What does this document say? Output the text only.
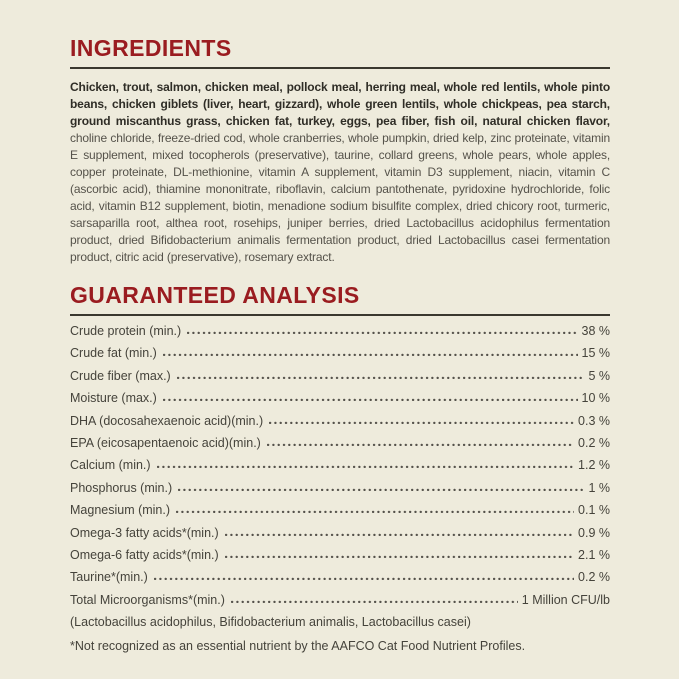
INGREDIENTS

Chicken, trout, salmon, chicken meal, pollock meal, herring meal, whole red lentils, whole pinto beans, chicken giblets (liver, heart, gizzard), whole green lentils, whole chickpeas, pea starch, ground miscanthus grass, chicken fat, turkey, eggs, pea fiber, fish oil, natural chicken flavor, choline chloride, freeze-dried cod, whole cranberries, whole pumpkin, dried kelp, zinc proteinate, vitamin E supplement, mixed tocopherols (preservative), taurine, collard greens, whole pears, whole apples, copper proteinate, DL-methionine, vitamin A supplement, vitamin D3 supplement, niacin, vitamin C (ascorbic acid), thiamine mononitrate, riboflavin, calcium pantothenate, pyridoxine hydrochloride, folic acid, vitamin B12 supplement, biotin, menadione sodium bisulfite complex, dried chicory root, turmeric, sarsaparilla root, althea root, rosehips, juniper berries, dried Lactobacillus acidophilus fermentation product, dried Bifidobacterium animalis fermentation product, dried Lactobacillus casei fermentation product, citric acid (preservative), rosemary extract.

GUARANTEED ANALYSIS
Crude protein (min.)	38 %
Crude fat (min.)	15 %
Crude fiber (max.)	5 %
Moisture (max.)	10 %
DHA (docosahexaenoic acid)(min.)	0.3 %
EPA (eicosapentaenoic acid)(min.)	0.2 %
Calcium (min.)	1.2 %
Phosphorus (min.)	1 %
Magnesium (min.)	0.1 %
Omega-3 fatty acids*(min.)	0.9 %
Omega-6 fatty acids*(min.)	2.1 %
Taurine*(min.)	0.2 %
Total Microorganisms*(min.)	1 Million CFU/lb
(Lactobacillus acidophilus, Bifidobacterium animalis, Lactobacillus casei)
*Not recognized as an essential nutrient by the AAFCO Cat Food Nutrient Profiles.
